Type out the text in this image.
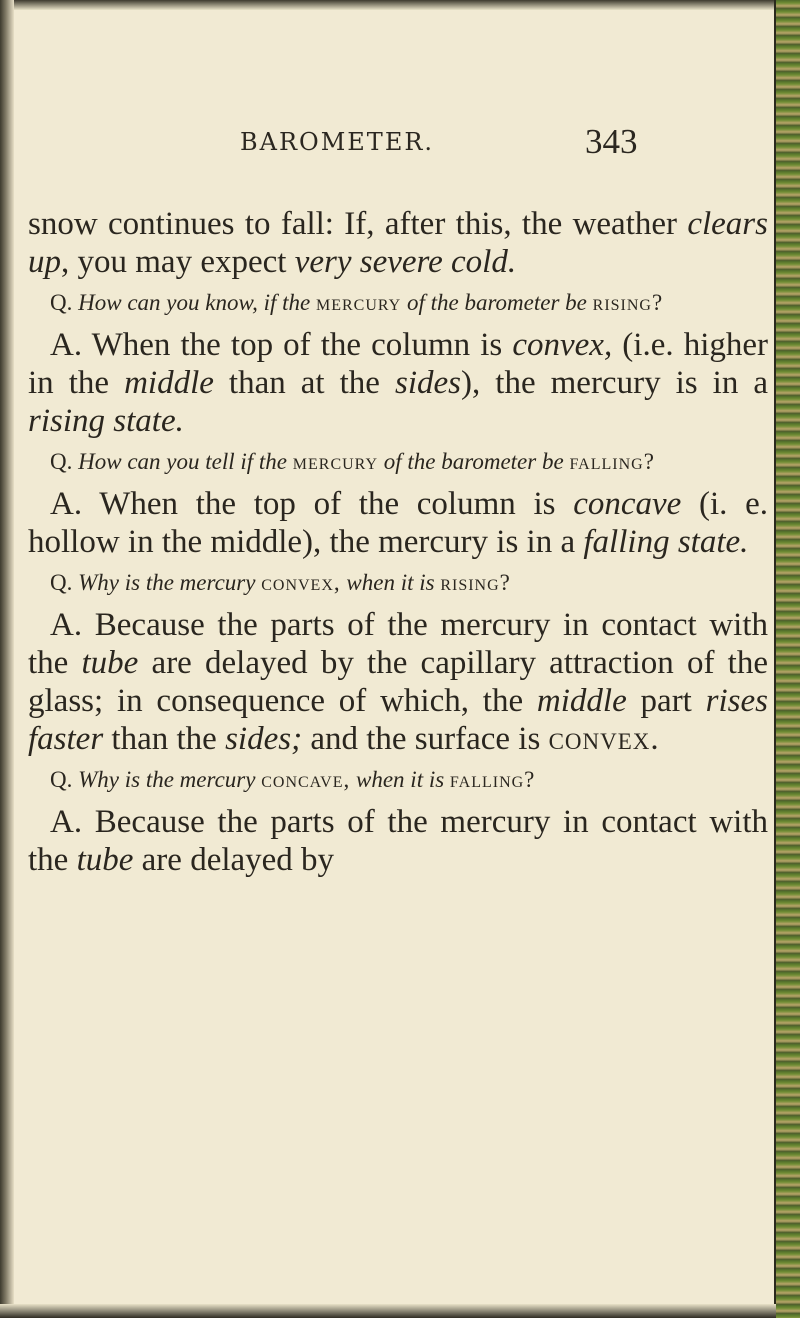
BAROMETER.	343

snow continues to fall: If, after this, the weather clears up, you may expect very severe cold.

Q. How can you know, if the mercury of the barometer be rising?

A. When the top of the column is convex, (i.e. higher in the middle than at the sides), the mercury is in a rising state.

Q. How can you tell if the mercury of the barometer be falling?

A. When the top of the column is concave (i. e. hollow in the middle), the mercury is in a falling state.

Q. Why is the mercury convex, when it is rising?

A. Because the parts of the mercury in contact with the tube are delayed by the capillary attraction of the glass; in consequence of which, the middle part rises faster than the sides; and the surface is convex.

Q. Why is the mercury concave, when it is falling?

A. Because the parts of the mercury in contact with the tube are delayed by
